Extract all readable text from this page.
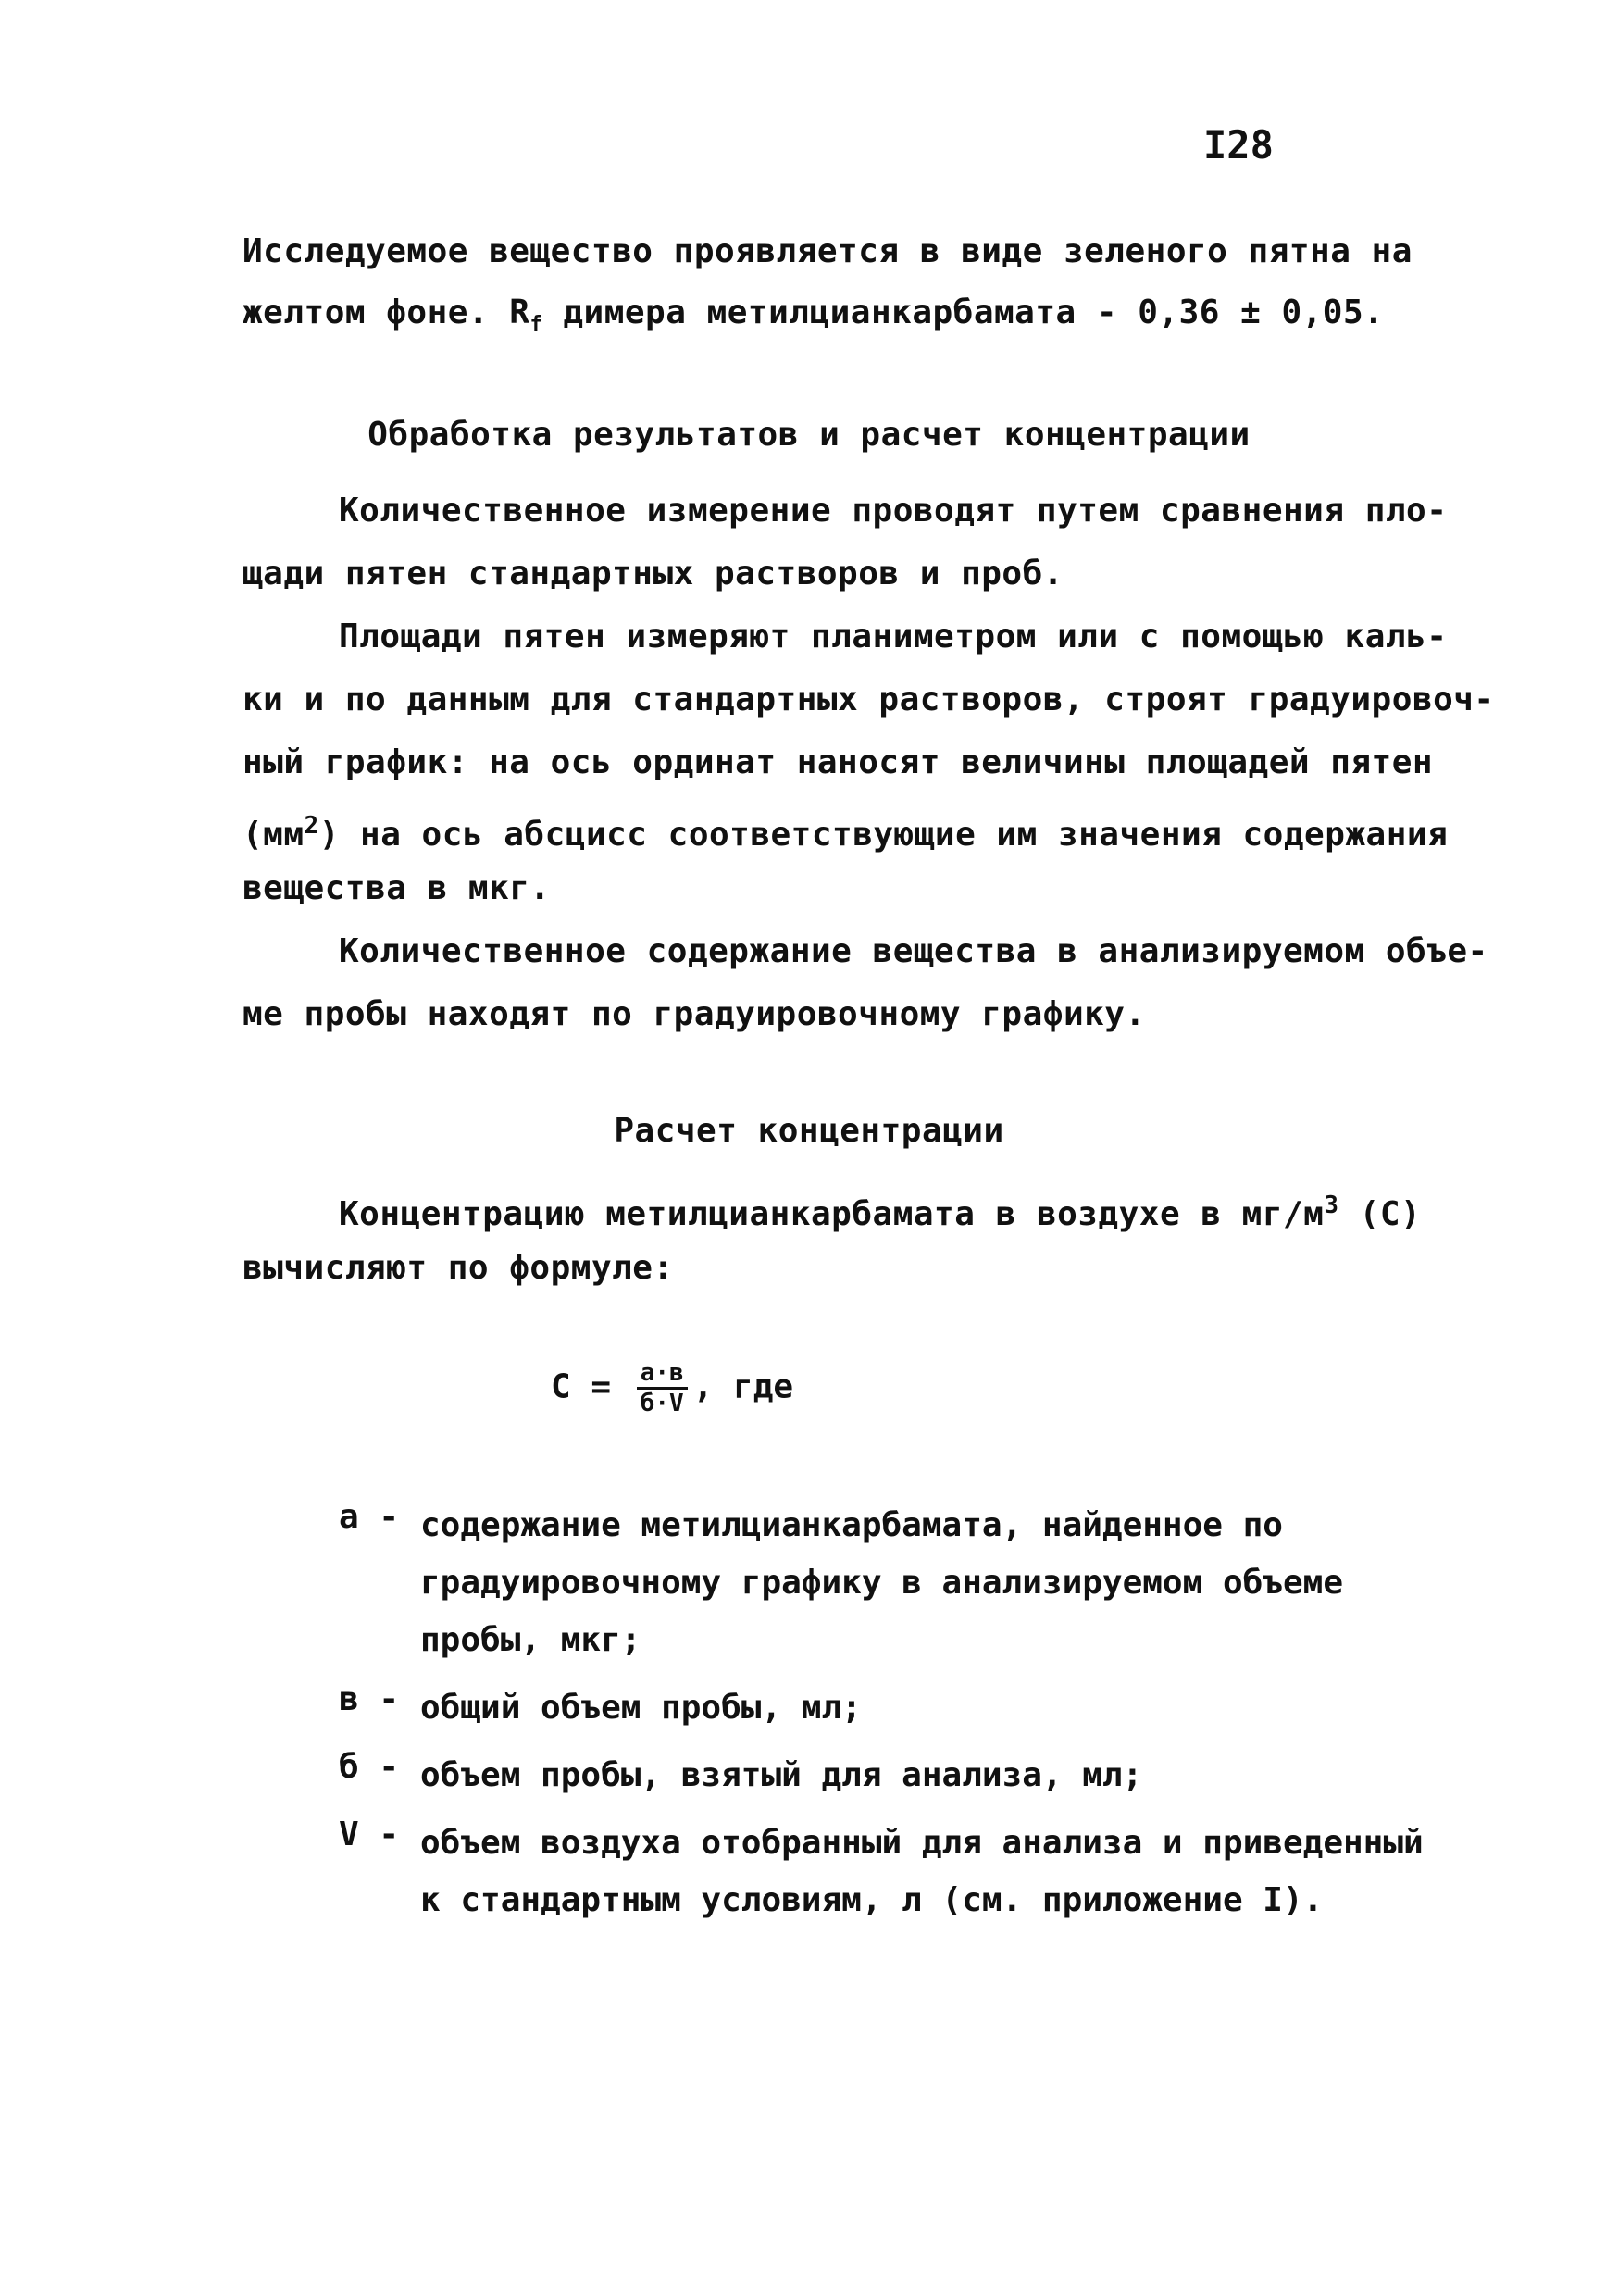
I28
Исследуемое вещество проявляется в виде зеленого пятна на
желтом фоне. $R_f$ димера метилцианкарбамата - 0,36 ± 0,05.
Обработка результатов и расчет концентрации
Количественное измерение проводят путем сравнения пло-
щади пятен стандартных растворов и проб.
Площади пятен измеряют планиметром или с помощью каль-
ки и по данным для стандартных растворов, строят градуировоч-
ный график: на ось ординат наносят величины площадей пятен
$(мм^2)$ на ось абсцисс соответствующие им значения содержания
вещества в мкг.
Количественное содержание вещества в анализируемом объе-
ме пробы находят по градуировочному графику.
Расчет концентрации
Концентрацию метилцианкарбамата в воздухе в $мг/м^3$ (С)
вычисляют по формуле:
$С = \frac{а\cdot в}{б\cdot V}$ , где
а - содержание метилцианкарбамата, найденное по градуировочному графику в анализируемом объеме пробы, мкг;
в - общий объем пробы, мл;
б - объем пробы, взятый для анализа, мл;
V - объем воздуха отобранный для анализа и приведенный к стандартным условиям, л (см. приложение I).
